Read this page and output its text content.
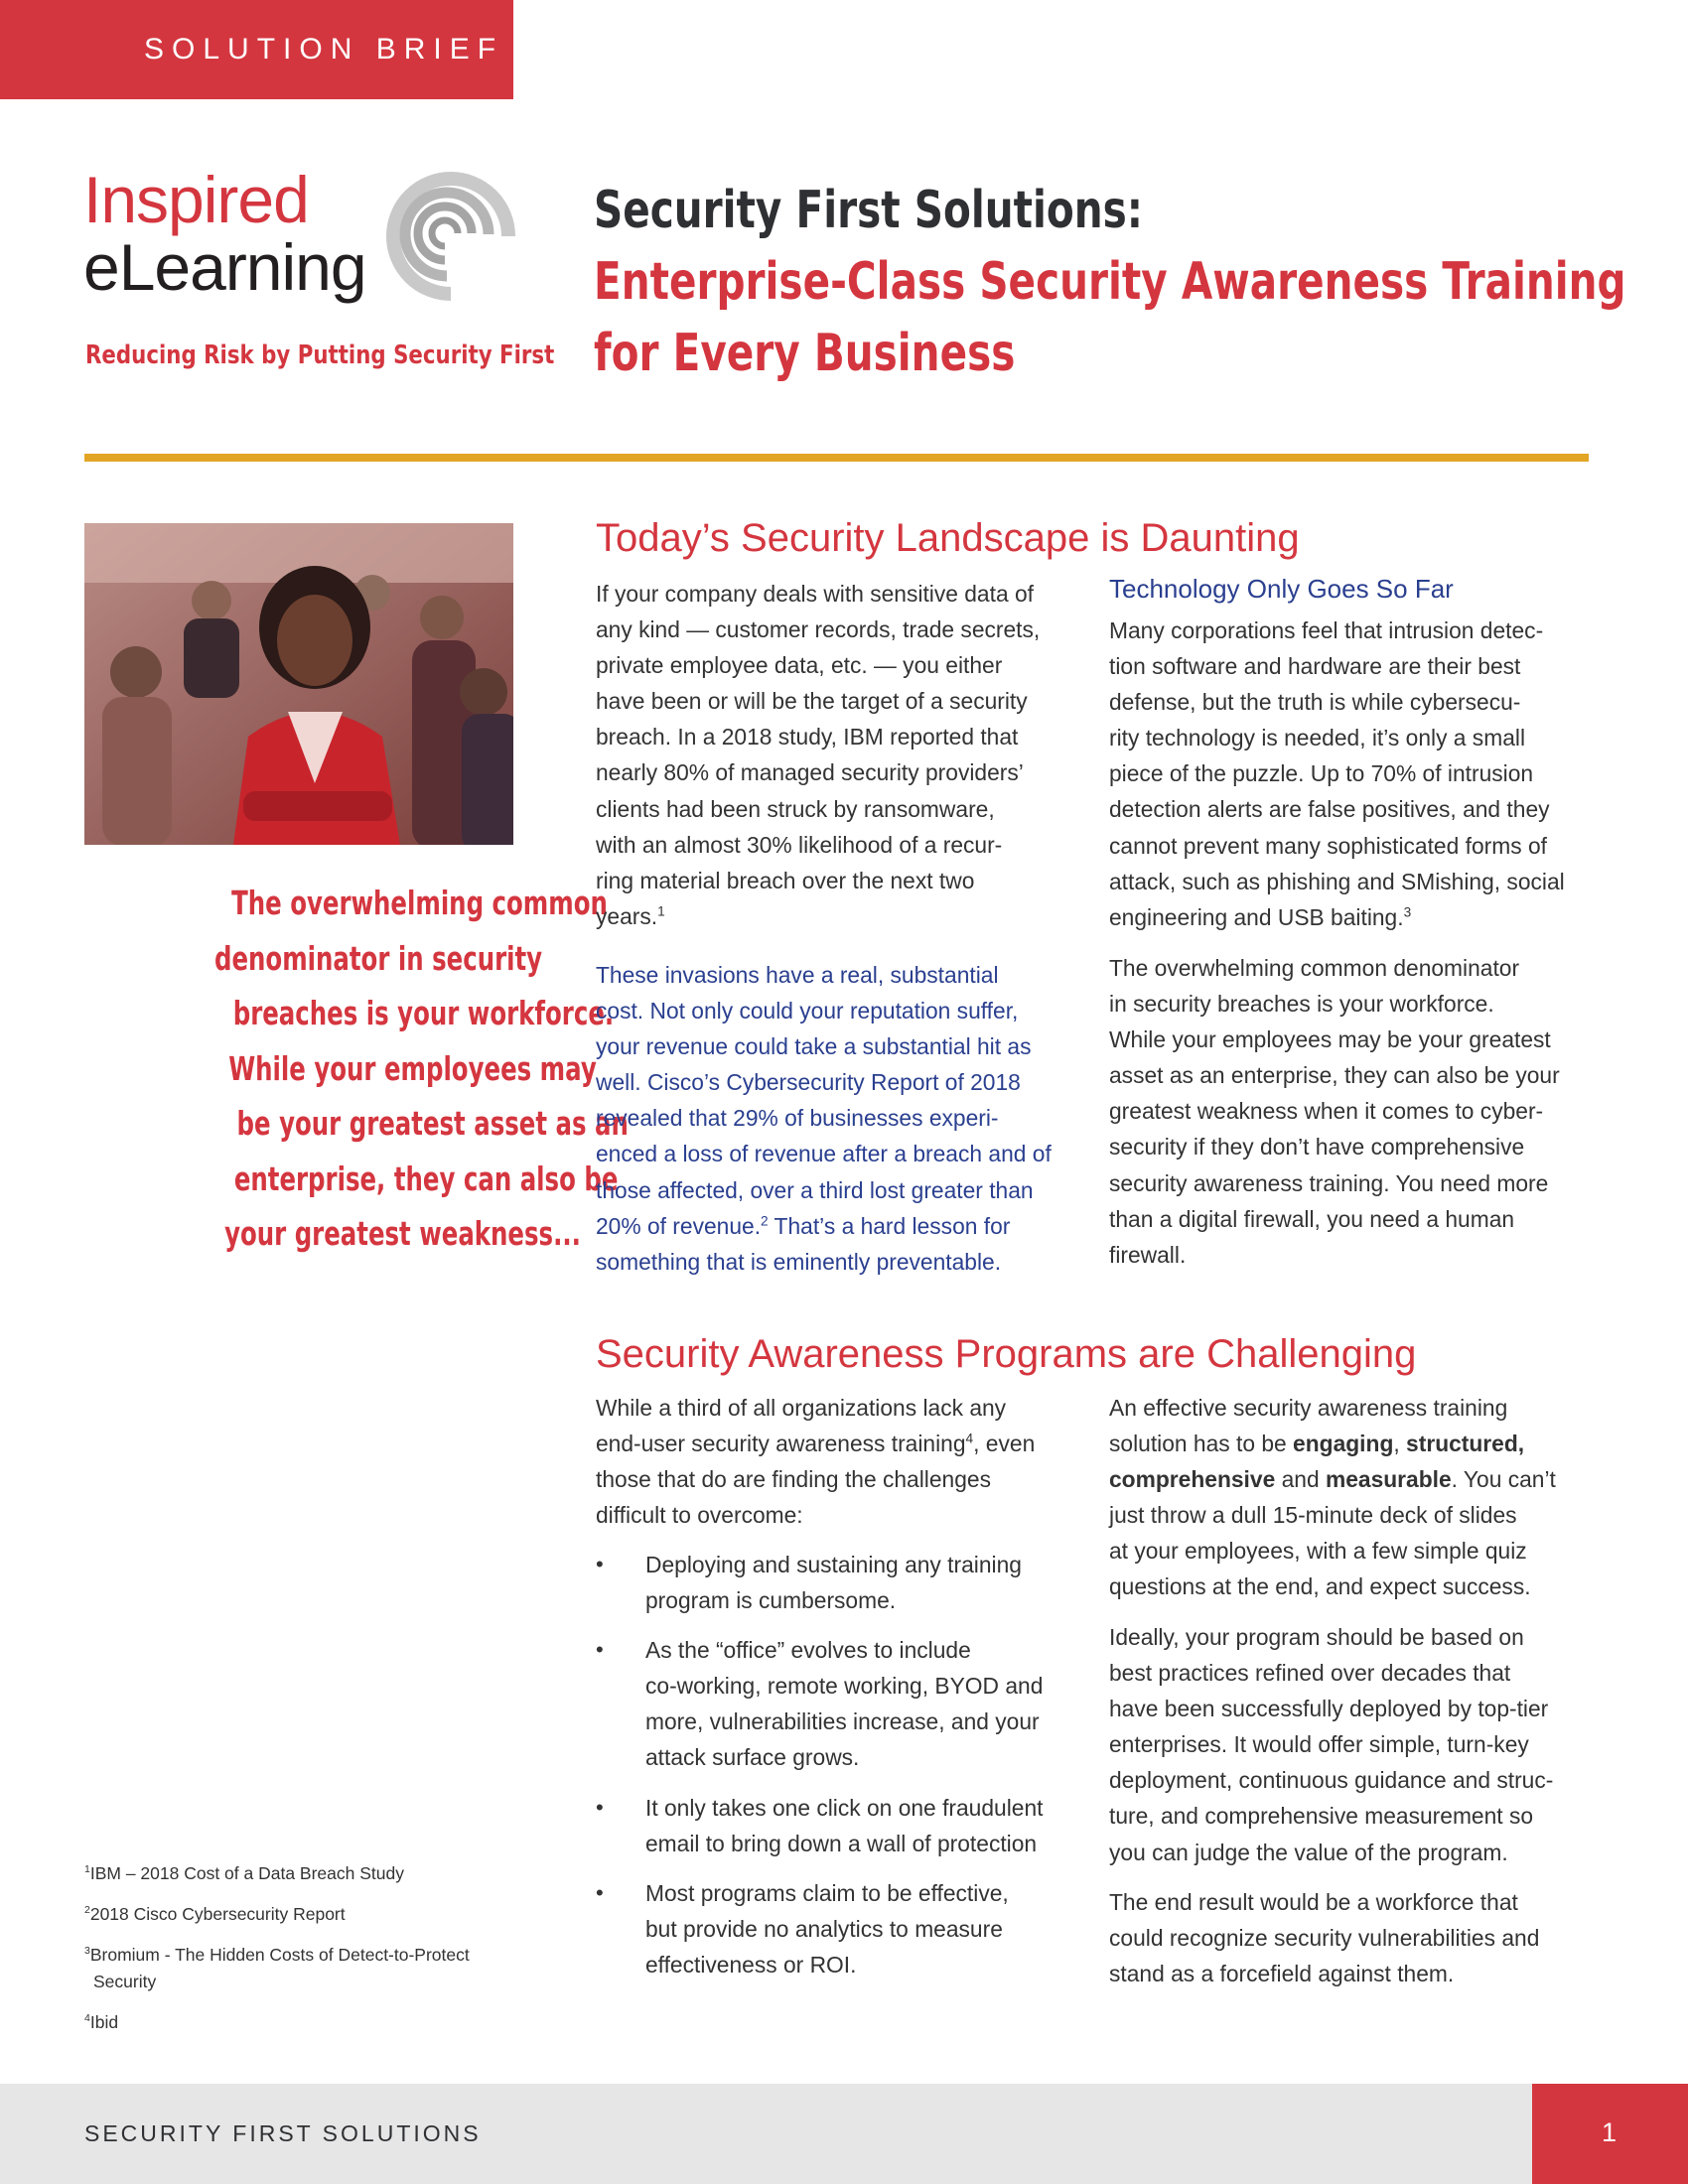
SOLUTION BRIEF
Inspired
eLearning
Reducing Risk by Putting Security First
Security First Solutions:
Enterprise-Class Security Awareness Training
for Every Business
The overwhelming common
denominator in security
breaches is your workforce.
While your employees may
be your greatest asset as an
enterprise, they can also be
your greatest weakness...
Today’s Security Landscape is Daunting

If your company deals with sensitive data of
any kind — customer records, trade secrets,
private employee data, etc. — you either
have been or will be the target of a security
breach. In a 2018 study, IBM reported that
nearly 80% of managed security providers’
clients had been struck by ransomware,
with an almost 30% likelihood of a recur-
ring material breach over the next two
years.$^1$

These invasions have a real, substantial
cost. Not only could your reputation suffer,
your revenue could take a substantial hit as
well. Cisco’s Cybersecurity Report of 2018
revealed that 29% of businesses experi-
enced a loss of revenue after a breach and of
those affected, over a third lost greater than
20% of revenue.$^2$ That’s a hard lesson for
something that is eminently preventable.

Technology Only Goes So Far

Many corporations feel that intrusion detec-
tion software and hardware are their best
defense, but the truth is while cybersecu-
rity technology is needed, it’s only a small
piece of the puzzle. Up to 70% of intrusion
detection alerts are false positives, and they
cannot prevent many sophisticated forms of
attack, such as phishing and SMishing, social
engineering and USB baiting.$^3$

The overwhelming common denominator
in security breaches is your workforce.
While your employees may be your greatest
asset as an enterprise, they can also be your
greatest weakness when it comes to cyber-
security if they don’t have comprehensive
security awareness training. You need more
than a digital firewall, you need a human
firewall.

Security Awareness Programs are Challenging

While a third of all organizations lack any
end-user security awareness training$^4$, even
those that do are finding the challenges
difficult to overcome:

• Deploying and sustaining any training
program is cumbersome.
• As the “office” evolves to include
co-working, remote working, BYOD and
more, vulnerabilities increase, and your
attack surface grows.
• It only takes one click on one fraudulent
email to bring down a wall of protection
• Most programs claim to be effective,
but provide no analytics to measure
effectiveness or ROI.

An effective security awareness training
solution has to be engaging, structured,
comprehensive and measurable. You can’t
just throw a dull 15-minute deck of slides
at your employees, with a few simple quiz
questions at the end, and expect success.

Ideally, your program should be based on
best practices refined over decades that
have been successfully deployed by top-tier
enterprises. It would offer simple, turn-key
deployment, continuous guidance and struc-
ture, and comprehensive measurement so
you can judge the value of the program.

The end result would be a workforce that
could recognize security vulnerabilities and
stand as a forcefield against them.

$^1$IBM – 2018 Cost of a Data Breach Study

$^2$2018 Cisco Cybersecurity Report

$^3$Bromium - The Hidden Costs of Detect-to-Protect
Security

$^4$Ibid

SECURITY FIRST SOLUTIONS	1
